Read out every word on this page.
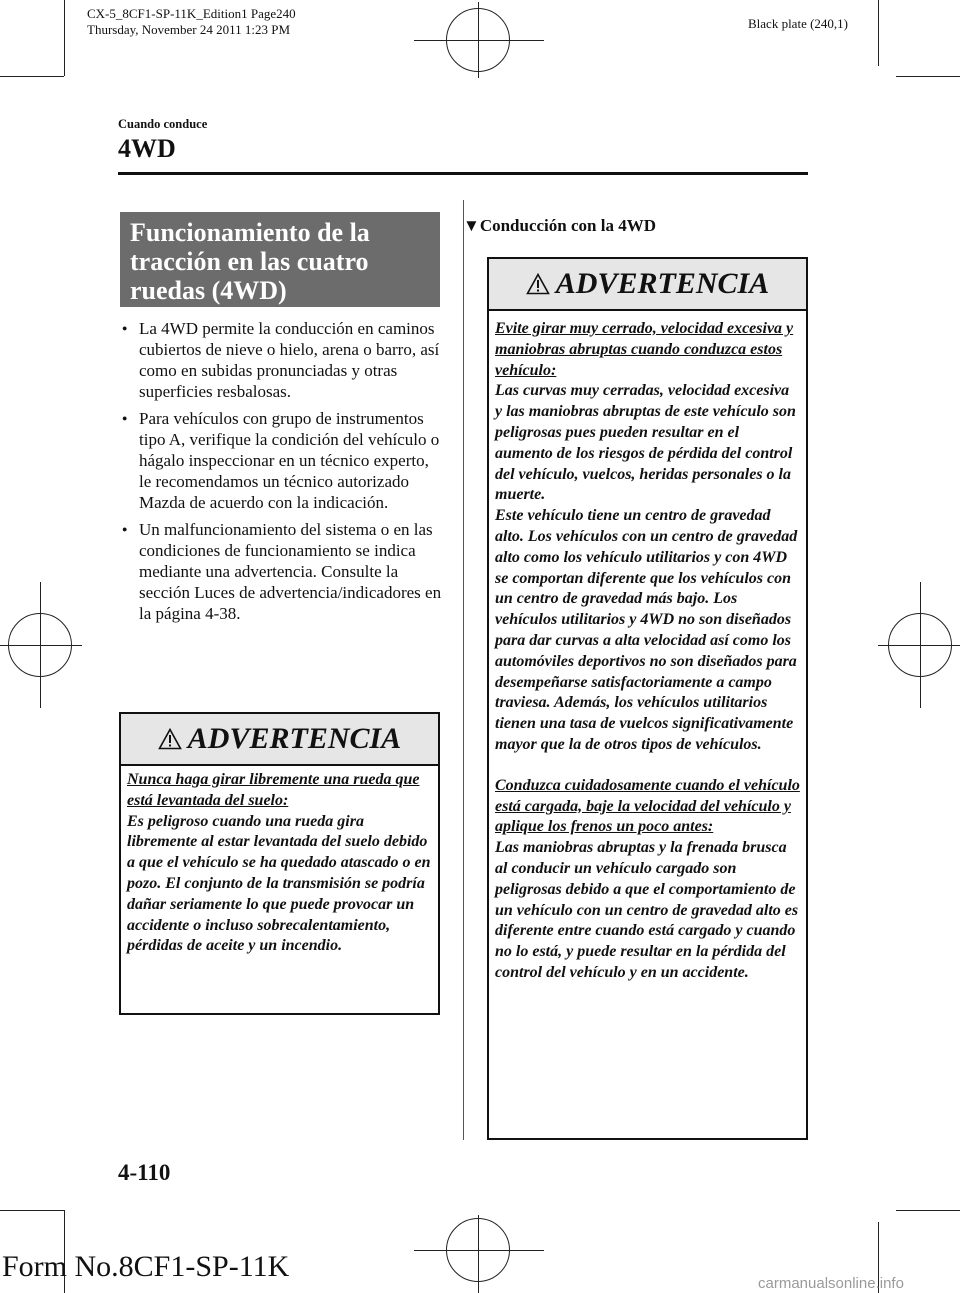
CX-5_8CF1-SP-11K_Edition1 Page240
Thursday, November 24 2011 1:23 PM	Black plate (240,1)
Cuando conduce
4WD
Funcionamiento de la
tracción en las cuatro
ruedas (4WD)
● La 4WD permite la conducción en caminos cubiertos de nieve o hielo, arena o barro, así como en subidas pronunciadas y otras superficies resbalosas.
● Para vehículos con grupo de instrumentos tipo A, verifique la condición del vehículo o hágalo inspeccionar en un técnico experto, le recomendamos un técnico autorizado Mazda de acuerdo con la indicación.
● Un malfuncionamiento del sistema o en las condiciones de funcionamiento se indica mediante una advertencia. Consulte la sección Luces de advertencia/indicadores en la página 4-38.
ADVERTENCIA

Nunca haga girar libremente una rueda que está levantada del suelo:

Es peligroso cuando una rueda gira libremente al estar levantada del suelo debido a que el vehículo se ha quedado atascado o en pozo. El conjunto de la transmisión se podría dañar seriamente lo que puede provocar un accidente o incluso sobrecalentamiento, pérdidas de aceite y un incendio.

▼Conducción con la 4WD
ADVERTENCIA

Evite girar muy cerrado, velocidad excesiva y maniobras abruptas cuando conduzca estos vehículo:

Las curvas muy cerradas, velocidad excesiva y las maniobras abruptas de este vehículo son peligrosas pues pueden resultar en el aumento de los riesgos de pérdida del control del vehículo, vuelcos, heridas personales o la muerte.

Este vehículo tiene un centro de gravedad alto. Los vehículos con un centro de gravedad alto como los vehículo utilitarios y con 4WD se comportan diferente que los vehículos con un centro de gravedad más bajo. Los vehículos utilitarios y 4WD no son diseñados para dar curvas a alta velocidad así como los automóviles deportivos no son diseñados para desempeñarse satisfactoriamente a campo traviesa. Además, los vehículos utilitarios tienen una tasa de vuelcos significativamente mayor que la de otros tipos de vehículos.

Conduzca cuidadosamente cuando el vehículo está cargada, baje la velocidad del vehículo y aplique los frenos un poco antes:

Las maniobras abruptas y la frenada brusca al conducir un vehículo cargado son peligrosas debido a que el comportamiento de un vehículo con un centro de gravedad alto es diferente entre cuando está cargado y cuando no lo está, y puede resultar en la pérdida del control del vehículo y en un accidente.

4-110
Form No.8CF1-SP-11K
carmanualsonline.info
